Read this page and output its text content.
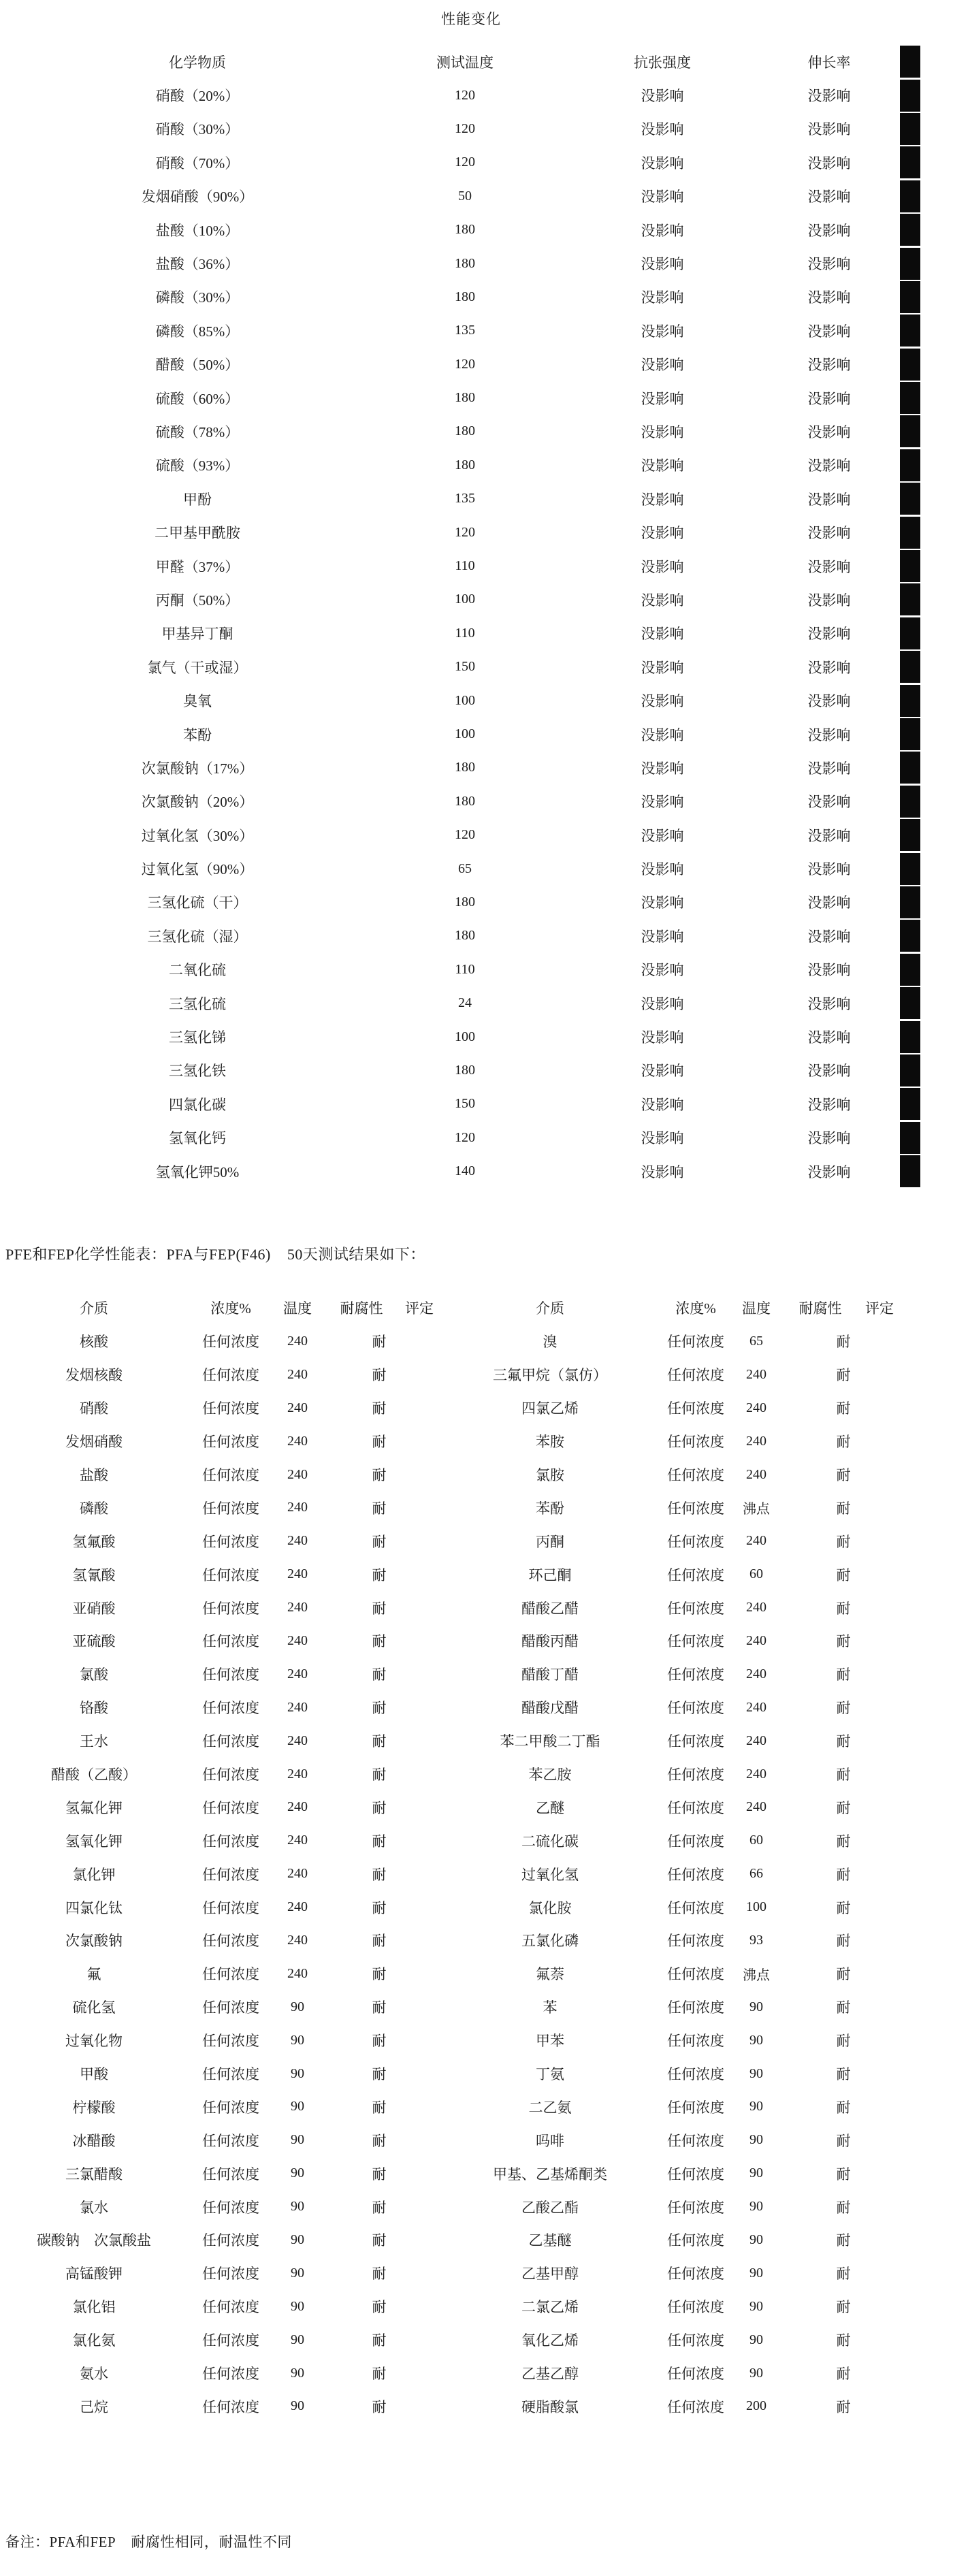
性能变化
化学物质	测试温度	抗张强度	伸长率	

硝酸（20%）	120	没影响	没影响	

硝酸（30%）	120	没影响	没影响	

硝酸（70%）	120	没影响	没影响	

发烟硝酸（90%）	50	没影响	没影响	

盐酸（10%）	180	没影响	没影响	

盐酸（36%）	180	没影响	没影响	

磷酸（30%）	180	没影响	没影响	

磷酸（85%）	135	没影响	没影响	

醋酸（50%）	120	没影响	没影响	

硫酸（60%）	180	没影响	没影响	

硫酸（78%）	180	没影响	没影响	

硫酸（93%）	180	没影响	没影响	

甲酚	135	没影响	没影响	

二甲基甲酰胺	120	没影响	没影响	

甲醛（37%）	110	没影响	没影响	

丙酮（50%）	100	没影响	没影响	

甲基异丁酮	110	没影响	没影响	

氯气（干或湿）	150	没影响	没影响	

臭氧	100	没影响	没影响	

苯酚	100	没影响	没影响	

次氯酸钠（17%）	180	没影响	没影响	

次氯酸钠（20%）	180	没影响	没影响	

过氧化氢（30%）	120	没影响	没影响	

过氧化氢（90%）	65	没影响	没影响	

三氢化硫（干）	180	没影响	没影响	

三氢化硫（湿）	180	没影响	没影响	

二氧化硫	110	没影响	没影响	

三氢化硫	24	没影响	没影响	

三氢化锑	100	没影响	没影响	

三氢化铁	180	没影响	没影响	

四氯化碳	150	没影响	没影响	

氢氧化钙	120	没影响	没影响	

氢氧化钾50%	140	没影响	没影响	
PFE和FEP化学性能表：PFA与FEP(F46)    50天测试结果如下：
介质	浓度%	温度	耐腐性	评定	介质	浓度%	温度	耐腐性	评定	
核酸	任何浓度	240	耐		溴	任何浓度	65	耐		
发烟核酸	任何浓度	240	耐		三氟甲烷（氯仿）	任何浓度	240	耐		
硝酸	任何浓度	240	耐		四氯乙烯	任何浓度	240	耐		
发烟硝酸	任何浓度	240	耐		苯胺	任何浓度	240	耐		
盐酸	任何浓度	240	耐		氯胺	任何浓度	240	耐		
磷酸	任何浓度	240	耐		苯酚	任何浓度	沸点	耐		
氢氟酸	任何浓度	240	耐		丙酮	任何浓度	240	耐		
氢氰酸	任何浓度	240	耐		环己酮	任何浓度	60	耐		
亚硝酸	任何浓度	240	耐		醋酸乙醋	任何浓度	240	耐		
亚硫酸	任何浓度	240	耐		醋酸丙醋	任何浓度	240	耐		
氯酸	任何浓度	240	耐		醋酸丁醋	任何浓度	240	耐		
铬酸	任何浓度	240	耐		醋酸戊醋	任何浓度	240	耐		
王水	任何浓度	240	耐		苯二甲酸二丁酯	任何浓度	240	耐		
醋酸（乙酸）	任何浓度	240	耐		苯乙胺	任何浓度	240	耐		
氢氟化钾	任何浓度	240	耐		乙醚	任何浓度	240	耐		
氢氧化钾	任何浓度	240	耐		二硫化碳	任何浓度	60	耐		
氯化钾	任何浓度	240	耐		过氧化氢	任何浓度	66	耐		
四氯化钛	任何浓度	240	耐		氯化胺	任何浓度	100	耐		
次氯酸钠	任何浓度	240	耐		五氯化磷	任何浓度	93	耐		
氟	任何浓度	240	耐		氟萘	任何浓度	沸点	耐		
硫化氢	任何浓度	90	耐		苯	任何浓度	90	耐		
过氧化物	任何浓度	90	耐		甲苯	任何浓度	90	耐		
甲酸	任何浓度	90	耐		丁氨	任何浓度	90	耐		
柠檬酸	任何浓度	90	耐		二乙氨	任何浓度	90	耐		
冰醋酸	任何浓度	90	耐		吗啡	任何浓度	90	耐		
三氯醋酸	任何浓度	90	耐		甲基、乙基烯酮类	任何浓度	90	耐		
氯水	任何浓度	90	耐		乙酸乙酯	任何浓度	90	耐		
碳酸钠　次氯酸盐	任何浓度	90	耐		乙基醚	任何浓度	90	耐		
高锰酸钾	任何浓度	90	耐		乙基甲醇	任何浓度	90	耐		
氯化铝	任何浓度	90	耐		二氯乙烯	任何浓度	90	耐		
氯化氨	任何浓度	90	耐		氧化乙烯	任何浓度	90	耐		
氨水	任何浓度	90	耐		乙基乙醇	任何浓度	90	耐		
己烷	任何浓度	90	耐		硬脂酸氯	任何浓度	200	耐		
备注：PFA和FEP    耐腐性相同，耐温性不同
